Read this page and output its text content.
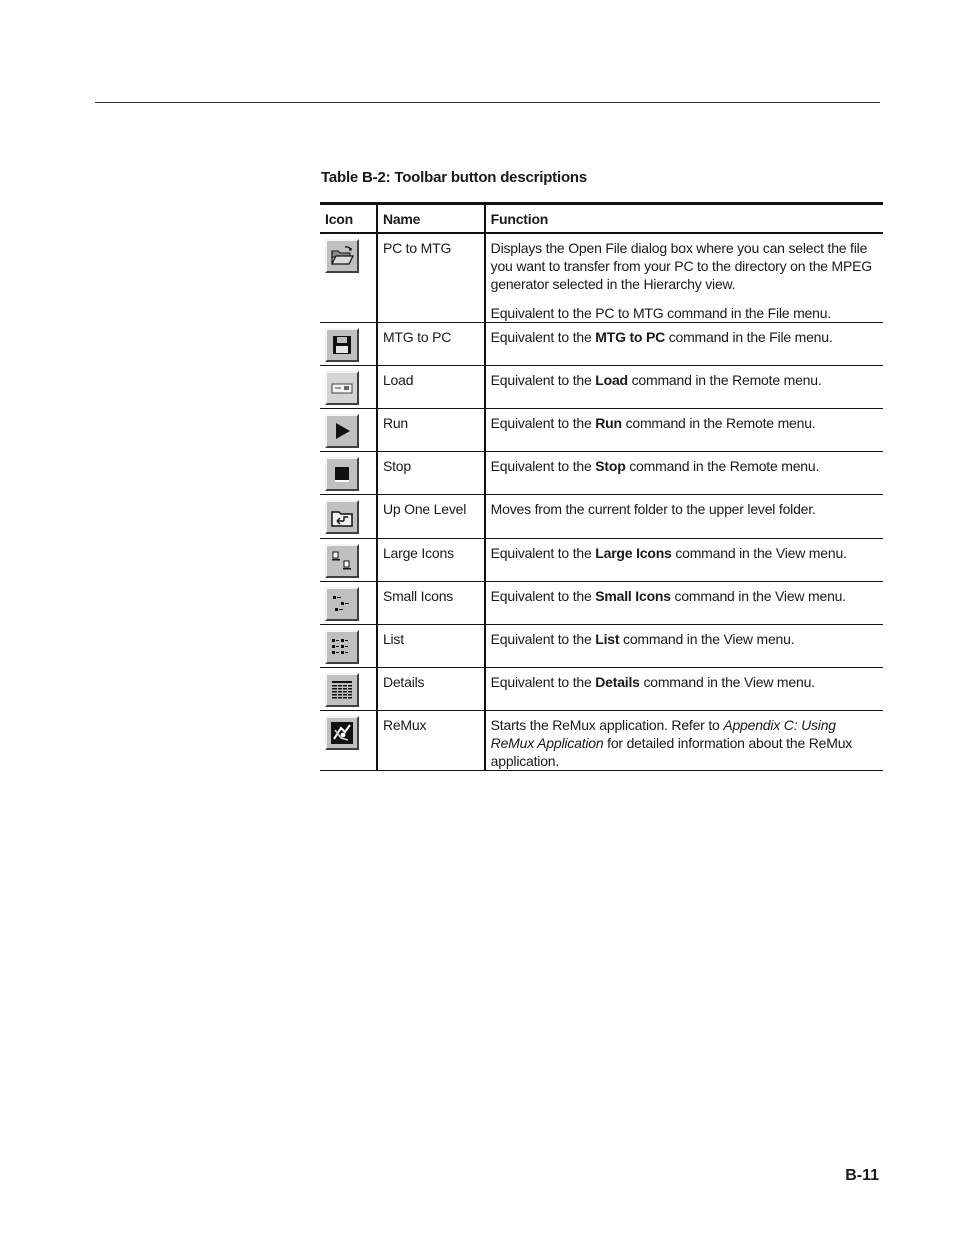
Table B-2: Toolbar button descriptions
Icon	Name	Function

	PC to MTG	Displays the Open File dialog box where you can select the file you want to transfer from your PC to the directory on the MPEG generator selected in the Hierarchy view.

Equivalent to the PC to MTG command in the File menu.

	MTG to PC	Equivalent to the MTG to PC command in the File menu.

	Load	Equivalent to the Load command in the Remote menu.

	Run	Equivalent to the Run command in the Remote menu.

	Stop	Equivalent to the Stop command in the Remote menu.

	Up One Level	Moves from the current folder to the upper level folder.

	Large Icons	Equivalent to the Large Icons command in the View menu.

	Small Icons	Equivalent to the Small Icons command in the View menu.

	List	Equivalent to the List command in the View menu.

	Details	Equivalent to the Details command in the View menu.

	ReMux	Starts the ReMux application. Refer to Appendix C: Using ReMux Application for detailed information about the ReMux application.

B-11
